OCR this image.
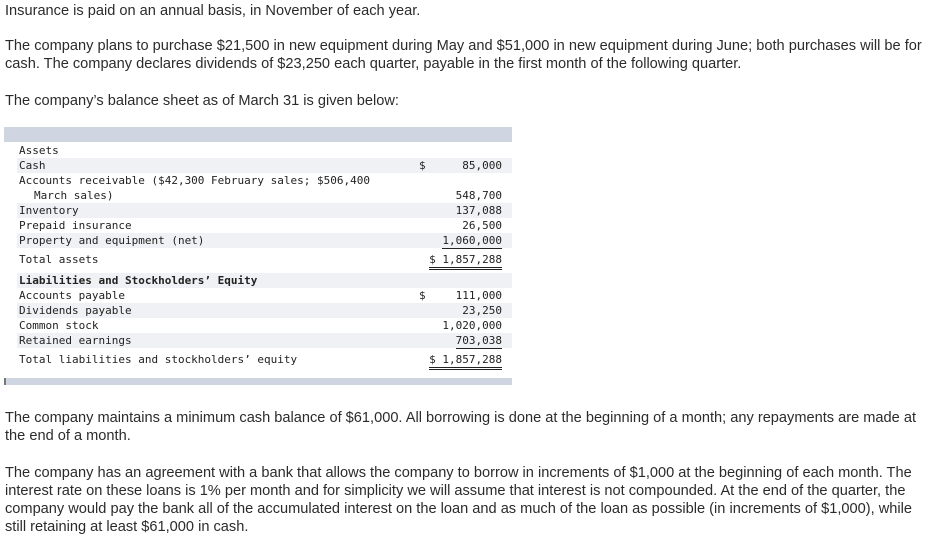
Insurance is paid on an annual basis, in November of each year.

The company plans to purchase $21,500 in new equipment during May and $51,000 in new equipment during June; both purchases will be for cash. The company declares dividends of $23,250 each quarter, payable in the first month of the following quarter.

The company’s balance sheet as of March 31 is given below:

Assets
Cash	$	85,000
Accounts receivable ($42,300 February sales; $506,400
March sales)	548,700
Inventory	137,088
Prepaid insurance	26,500
Property and equipment (net)	1,060,000
Total assets	$ 1,857,288
Liabilities and Stockholders’ Equity
Accounts payable	$	111,000
Dividends payable	23,250
Common stock	1,020,000
Retained earnings	703,038
Total liabilities and stockholders’ equity	$ 1,857,288

The company maintains a minimum cash balance of $61,000. All borrowing is done at the beginning of a month; any repayments are made at the end of a month.

The company has an agreement with a bank that allows the company to borrow in increments of $1,000 at the beginning of each month. The interest rate on these loans is 1% per month and for simplicity we will assume that interest is not compounded. At the end of the quarter, the company would pay the bank all of the accumulated interest on the loan and as much of the loan as possible (in increments of $1,000), while still retaining at least $61,000 in cash.
